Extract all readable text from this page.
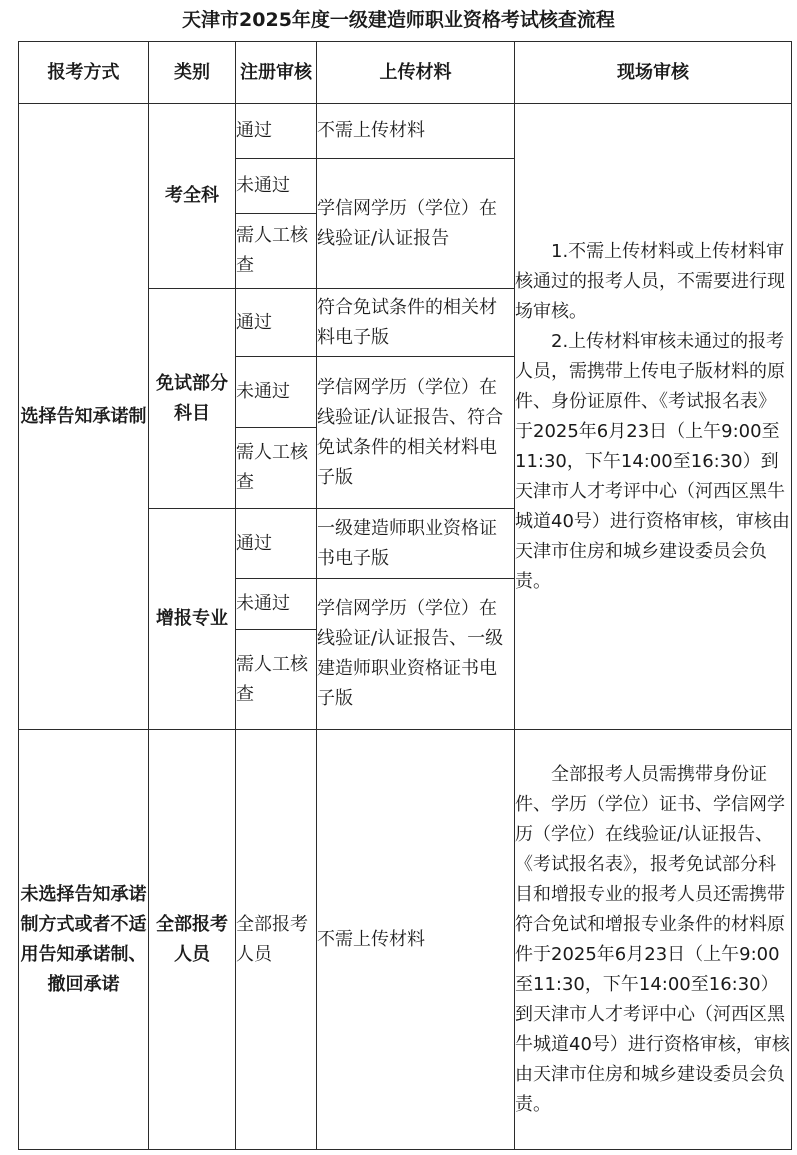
天津市2025年度一级建造师职业资格考试核查流程
报考方式	类别	注册审核	上传材料	现场审核
选择告知承诺制	考全科	通过	不需上传材料	1.不需上传材料或上传材料审核通过的报考人员，不需要进行现场审核。

2.上传材料审核未通过的报考人员，需携带上传电子版材料的原件、身份证原件、《考试报名表》于2025年6月23日（上午9:00至11:30，下午14:00至16:30）到天津市人才考评中心（河西区黑牛城道40号）进行资格审核，审核由天津市住房和城乡建设委员会负责。

		未通过	学信网学历（学位）在线验证/认证报告	
		需人工核查		
	免试部分科目	通过	符合免试条件的相关材料电子版	
		未通过	学信网学历（学位）在线验证/认证报告、符合免试条件的相关材料电子版	
		需人工核查		
	增报专业	通过	一级建造师职业资格证书电子版	
		未通过	学信网学历（学位）在线验证/认证报告、一级建造师职业资格证书电子版	
		需人工核查		
未选择告知承诺制方式或者不适用告知承诺制、撤回承诺	全部报考人员	全部报考人员	不需上传材料	全部报考人员需携带身份证件、学历（学位）证书、学信网学历（学位）在线验证/认证报告、《考试报名表》，报考免试部分科目和增报专业的报考人员还需携带符合免试和增报专业条件的材料原件于2025年6月23日（上午9:00至11:30，下午14:00至16:30）到天津市人才考评中心（河西区黑牛城道40号）进行资格审核，审核由天津市住房和城乡建设委员会负责。
